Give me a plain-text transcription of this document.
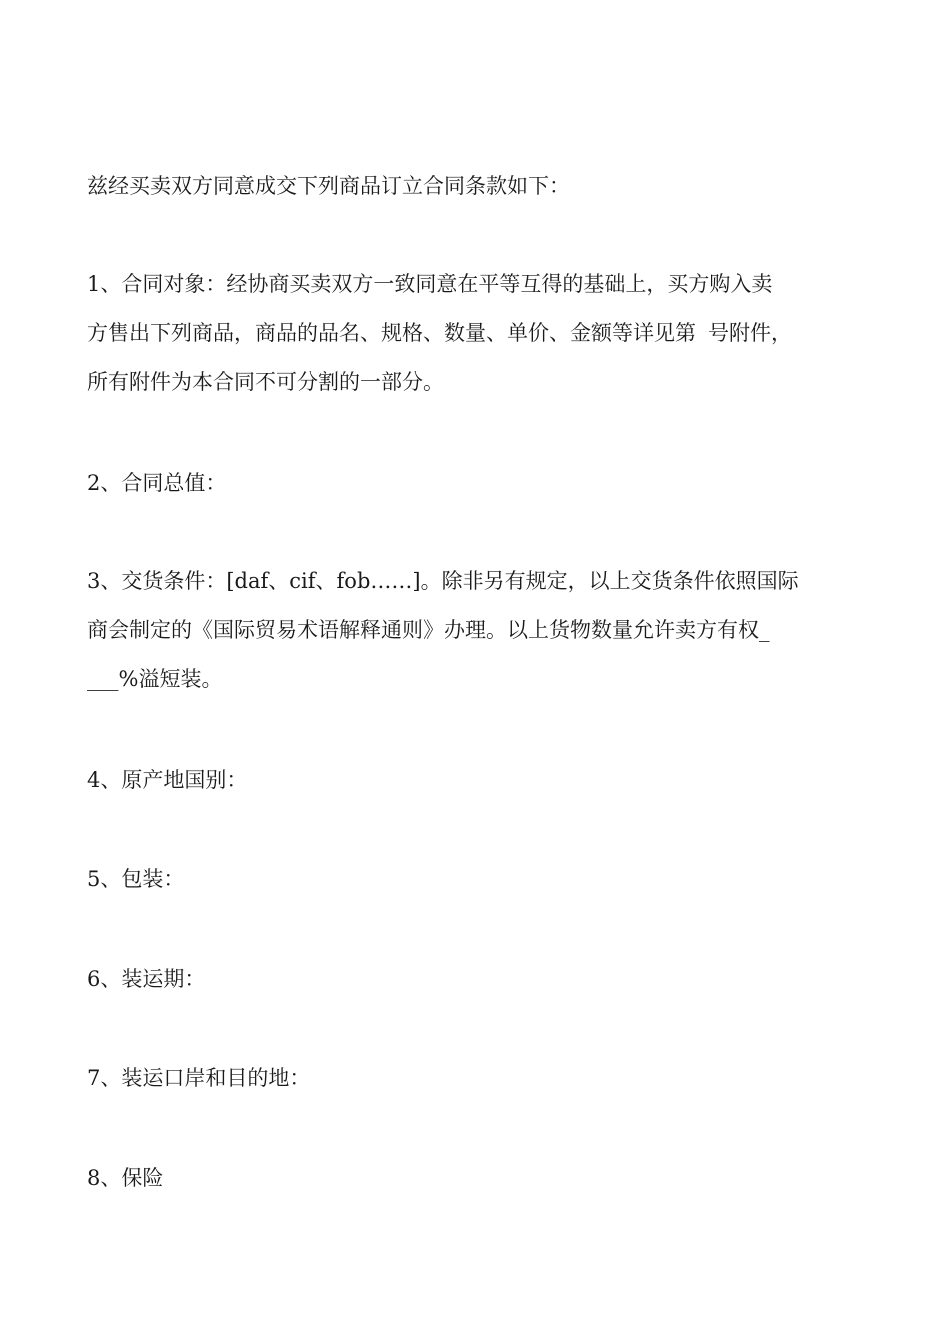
兹经买卖双方同意成交下列商品订立合同条款如下：

1、合同对象：经协商买卖双方一致同意在平等互得的基础上，买方购入卖
方售出下列商品，商品的品名、规格、数量、单价、金额等详见第 号附件，
所有附件为本合同不可分割的一部分。

2、合同总值：

3、交货条件：[daf、cif、fob……]。除非另有规定，以上交货条件依照国际
商会制定的《国际贸易术语解释通则》办理。以上货物数量允许卖方有权_
___%溢短装。

4、原产地国别：

5、包装：

6、装运期：

7、装运口岸和目的地：

8、保险
